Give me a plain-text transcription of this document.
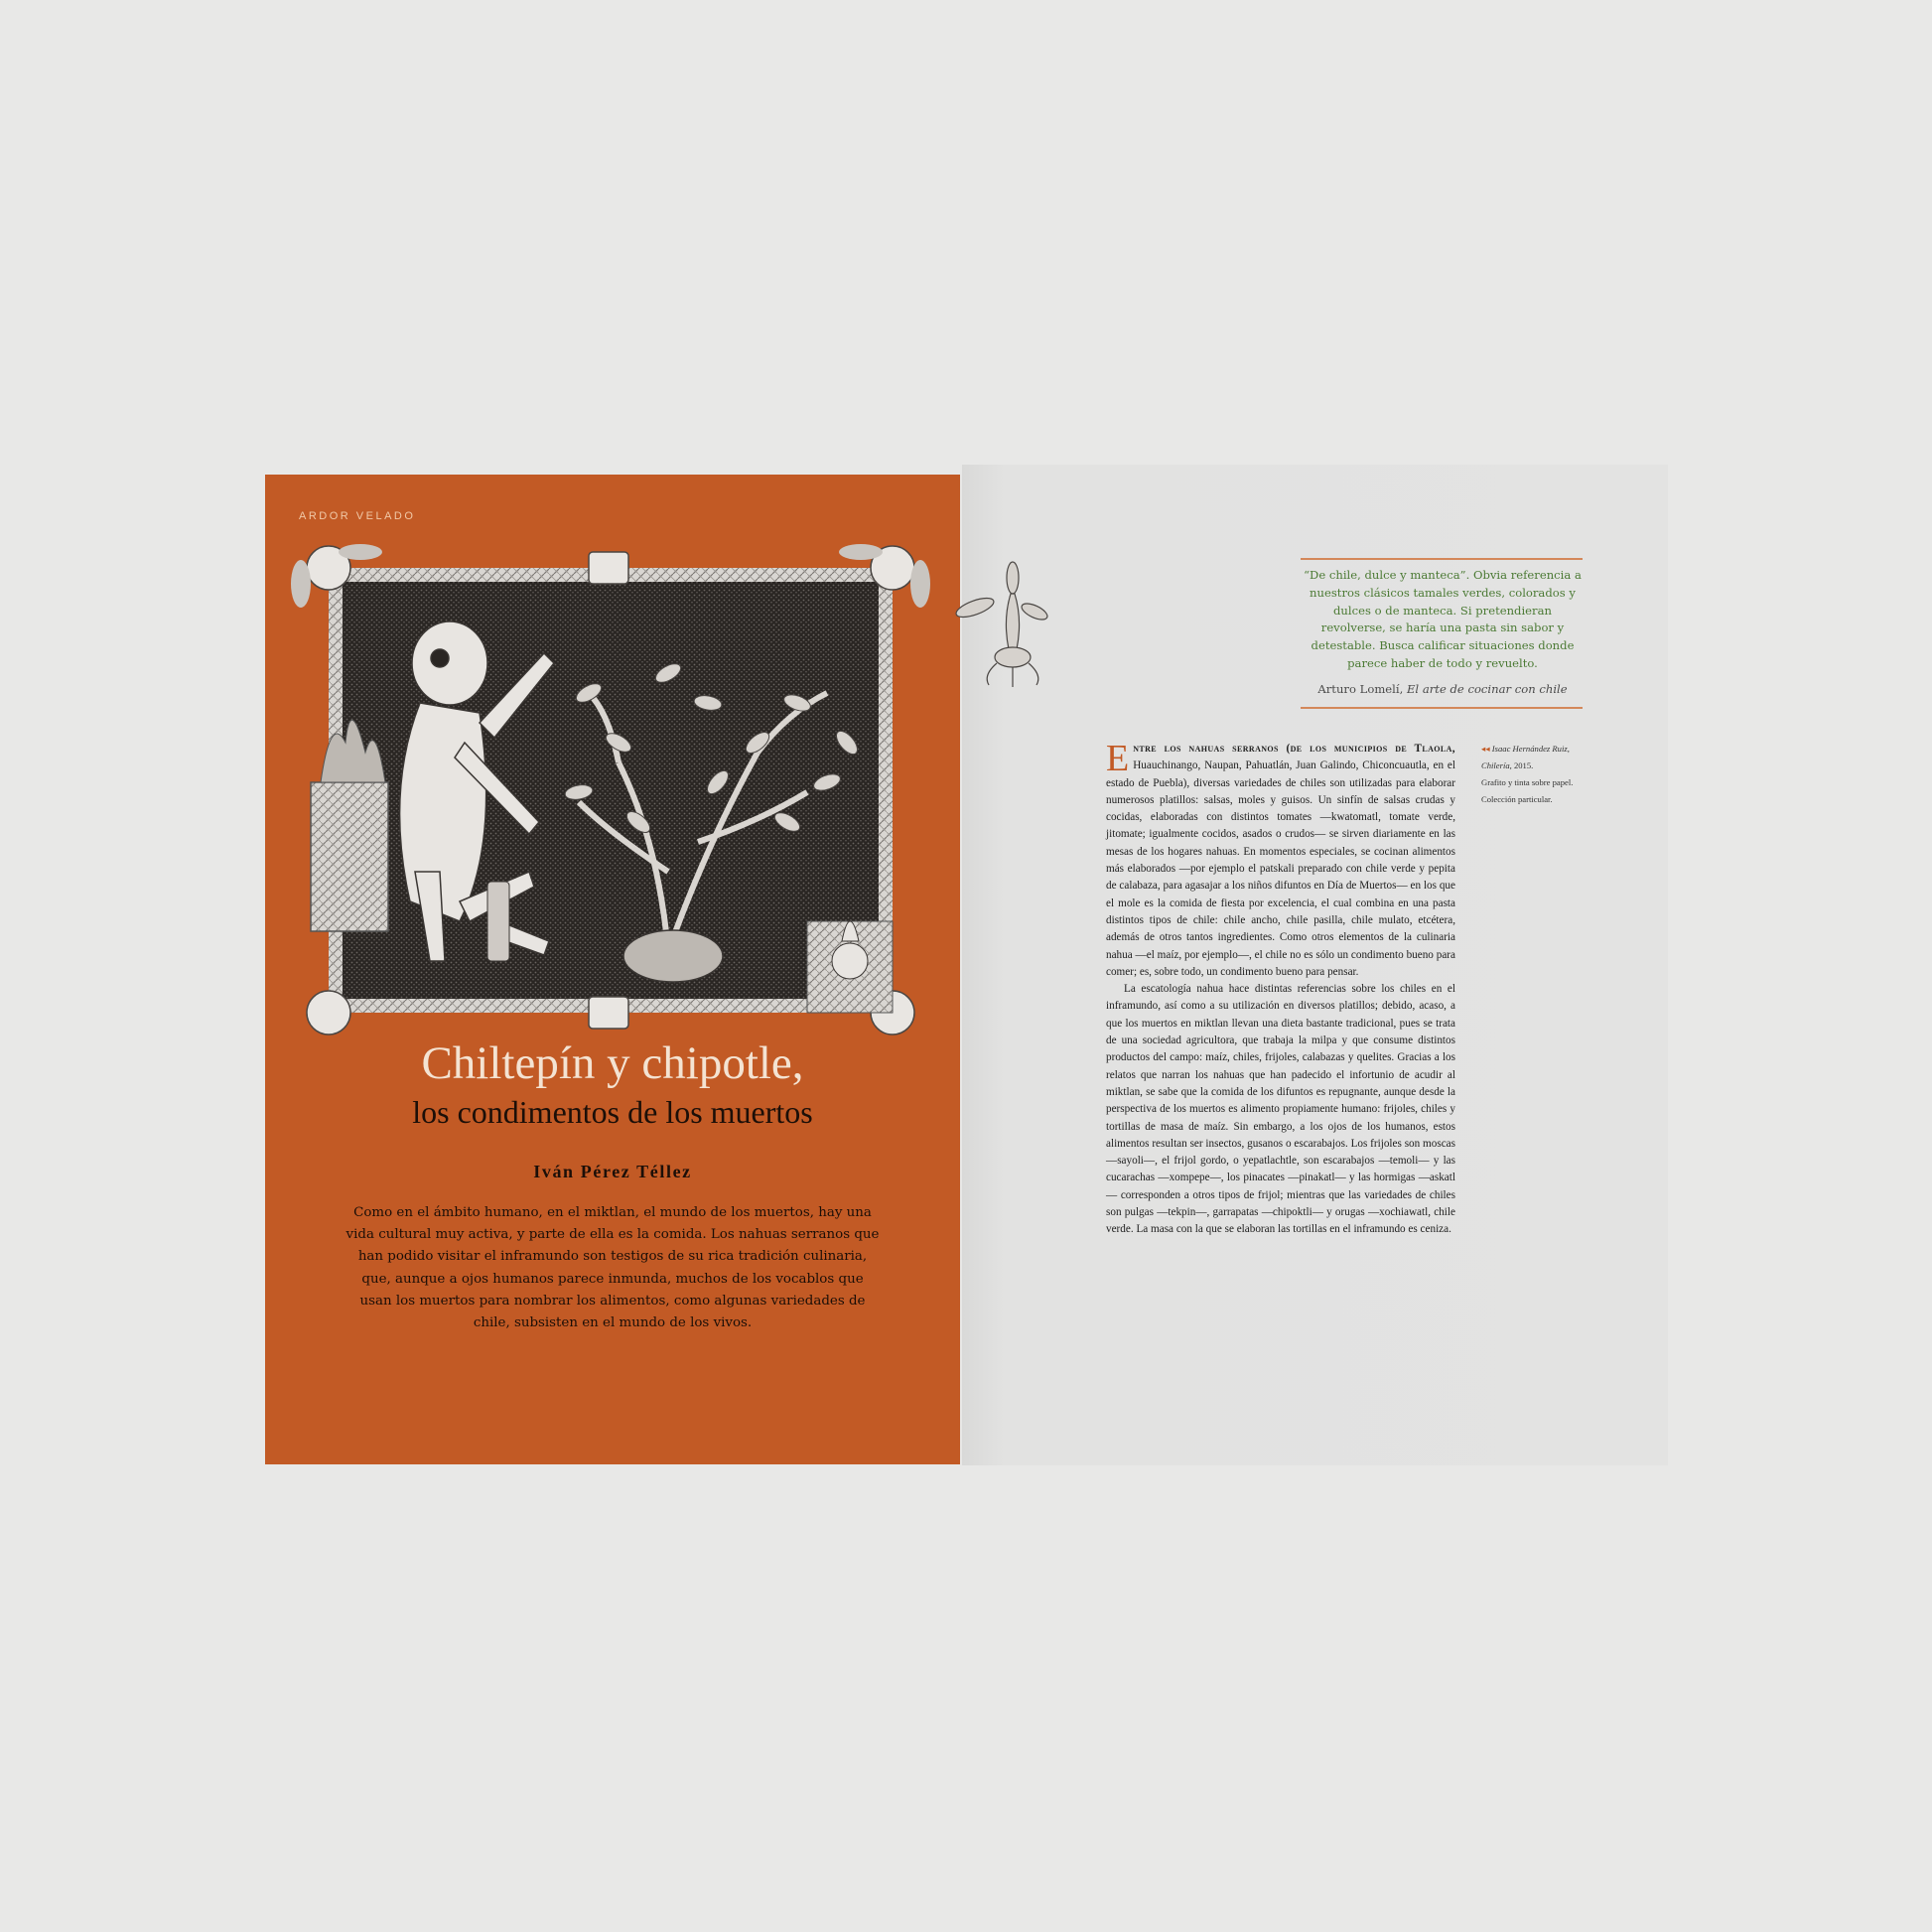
ARDOR VELADO
Chiltepín y chipotle,
los condimentos de los muertos
Iván Pérez Téllez
Como en el ámbito humano, en el miktlan, el mundo de los muertos, hay una vida cultural muy activa, y parte de ella es la comida. Los nahuas serranos que han podido visitar el inframundo son testigos de su rica tradición culinaria, que, aunque a ojos humanos parece inmunda, muchos de los vocablos que usan los muertos para nombrar los alimentos, como algunas variedades de chile, subsisten en el mundo de los vivos.
“De chile, dulce y manteca”. Obvia referencia a nuestros clásicos tamales verdes, colorados y dulces o de manteca. Si pretendieran revolverse, se haría una pasta sin sabor y detestable. Busca calificar situaciones donde parece haber de todo y revuelto.
Arturo Lomelí, El arte de cocinar con chile

Entre los nahuas serranos (de los municipios de Tlaola, Huauchinango, Naupan, Pahuatlán, Juan Galindo, Chiconcuautla, en el estado de Puebla), diversas variedades de chiles son utilizadas para elaborar numerosos platillos: salsas, moles y guisos. Un sinfín de salsas crudas y cocidas, elaboradas con distintos tomates —kwatomatl, tomate verde, jitomate; igualmente cocidos, asados o crudos— se sirven diariamente en las mesas de los hogares nahuas. En momentos especiales, se cocinan alimentos más elaborados —por ejemplo el patskali preparado con chile verde y pepita de calabaza, para agasajar a los niños difuntos en Día de Muertos— en los que el mole es la comida de fiesta por excelencia, el cual combina en una pasta distintos tipos de chile: chile ancho, chile pasilla, chile mulato, etcétera, además de otros tantos ingredientes. Como otros elementos de la culinaria nahua —el maíz, por ejemplo—, el chile no es sólo un condimento bueno para comer; es, sobre todo, un condimento bueno para pensar.

La escatología nahua hace distintas referencias sobre los chiles en el inframundo, así como a su utilización en diversos platillos; debido, acaso, a que los muertos en miktlan llevan una dieta bastante tradicional, pues se trata de una sociedad agricultora, que trabaja la milpa y que consume distintos productos del campo: maíz, chiles, frijoles, calabazas y quelites. Gracias a los relatos que narran los nahuas que han padecido el infortunio de acudir al miktlan, se sabe que la comida de los difuntos es repugnante, aunque desde la perspectiva de los muertos es alimento propiamente humano: frijoles, chiles y tortillas de masa de maíz. Sin embargo, a los ojos de los humanos, estos alimentos resultan ser insectos, gusanos o escarabajos. Los frijoles son moscas —sayoli—, el frijol gordo, o yepatlachtle, son escarabajos —temoli— y las cucarachas —xompepe—, los pinacates —pinakatl— y las hormigas —askatl— corresponden a otros tipos de frijol; mientras que las variedades de chiles son pulgas —tekpin—, garrapatas —chipoktli— y orugas —xochiawatl, chile verde. La masa con la que se elaboran las tortillas en el inframundo es ceniza.

◂◂ Isaac Hernández Ruiz,
Chilería, 2015.
Grafito y tinta sobre papel.
Colección particular.
